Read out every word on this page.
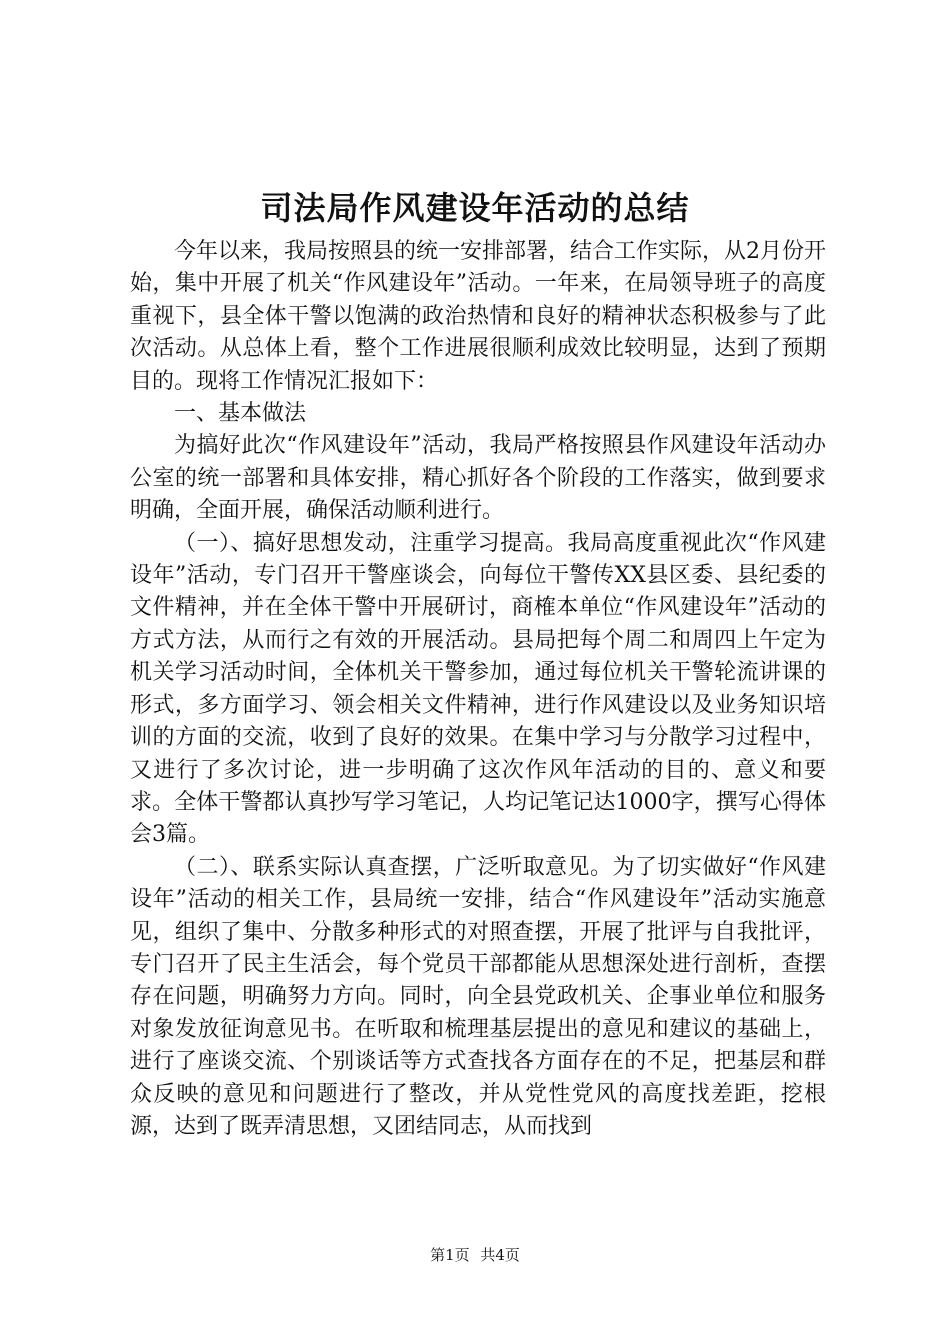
司法局作风建设年活动的总结

今年以来，我局按照县的统一安排部署，结合工作实际，从2月份开始，集中开展了机关“作风建设年”活动。一年来，在局领导班子的高度重视下，县全体干警以饱满的政治热情和良好的精神状态积极参与了此次活动。从总体上看，整个工作进展很顺利成效比较明显，达到了预期目的。现将工作情况汇报如下：

一、基本做法

为搞好此次“作风建设年”活动，我局严格按照县作风建设年活动办公室的统一部署和具体安排，精心抓好各个阶段的工作落实，做到要求明确，全面开展，确保活动顺利进行。

（一）、搞好思想发动，注重学习提高。我局高度重视此次“作风建设年”活动，专门召开干警座谈会，向每位干警传XX县区委、县纪委的文件精神，并在全体干警中开展研讨，商榷本单位“作风建设年”活动的方式方法，从而行之有效的开展活动。县局把每个周二和周四上午定为机关学习活动时间，全体机关干警参加，通过每位机关干警轮流讲课的形式，多方面学习、领会相关文件精神，进行作风建设以及业务知识培训的方面的交流，收到了良好的效果。在集中学习与分散学习过程中，又进行了多次讨论，进一步明确了这次作风年活动的目的、意义和要求。全体干警都认真抄写学习笔记，人均记笔记达1000字，撰写心得体会3篇。

（二）、联系实际认真查摆，广泛听取意见。为了切实做好“作风建设年”活动的相关工作，县局统一安排，结合“作风建设年”活动实施意见，组织了集中、分散多种形式的对照查摆，开展了批评与自我批评，专门召开了民主生活会，每个党员干部都能从思想深处进行剖析，查摆存在问题，明确努力方向。同时，向全县党政机关、企事业单位和服务对象发放征询意见书。在听取和梳理基层提出的意见和建议的基础上，进行了座谈交流、个别谈话等方式查找各方面存在的不足，把基层和群众反映的意见和问题进行了整改，并从党性党风的高度找差距，挖根源，达到了既弄清思想，又团结同志，从而找到

第1页 共4页
